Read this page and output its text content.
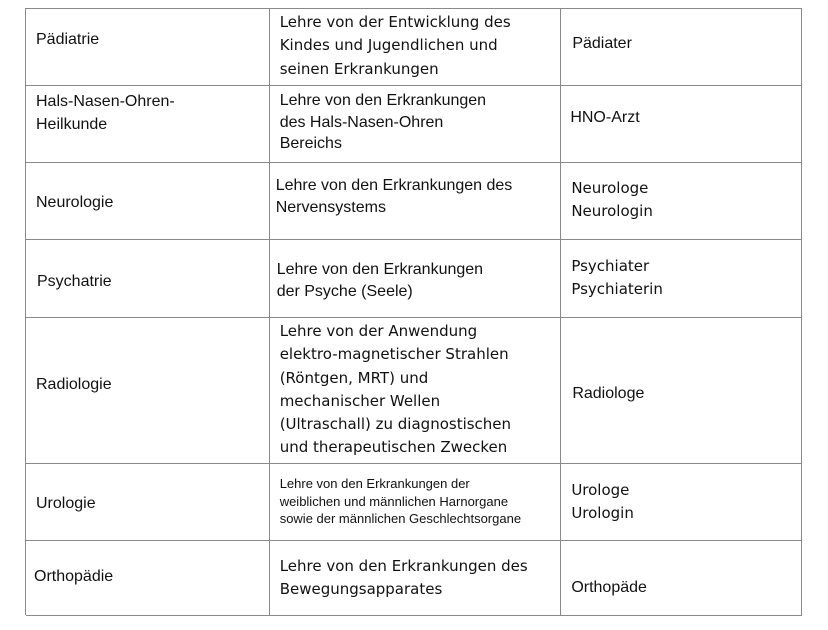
Pädiatrie
Lehre von der Entwicklung des
Kindes und Jugendlichen und
seinen Erkrankungen
Pädiater
Hals-Nasen-Ohren-
Heilkunde
Lehre von den Erkrankungen
des Hals-Nasen-Ohren
Bereichs
HNO-Arzt
Neurologie
Lehre von den Erkrankungen des
Nervensystems
Neurologe
Neurologin
Psychatrie
Lehre von den Erkrankungen
der Psyche (Seele)
Psychiater
Psychiaterin
Radiologie
Lehre von der Anwendung
elektro-magnetischer Strahlen
(Röntgen, MRT) und
mechanischer Wellen
(Ultraschall) zu diagnostischen
und therapeutischen Zwecken
Radiologe
Urologie
Lehre von den Erkrankungen der
weiblichen und männlichen Harnorgane
sowie der männlichen Geschlechtsorgane
Urologe
Urologin
Orthopädie
Lehre von den Erkrankungen des
Bewegungsapparates	Orthopäde
